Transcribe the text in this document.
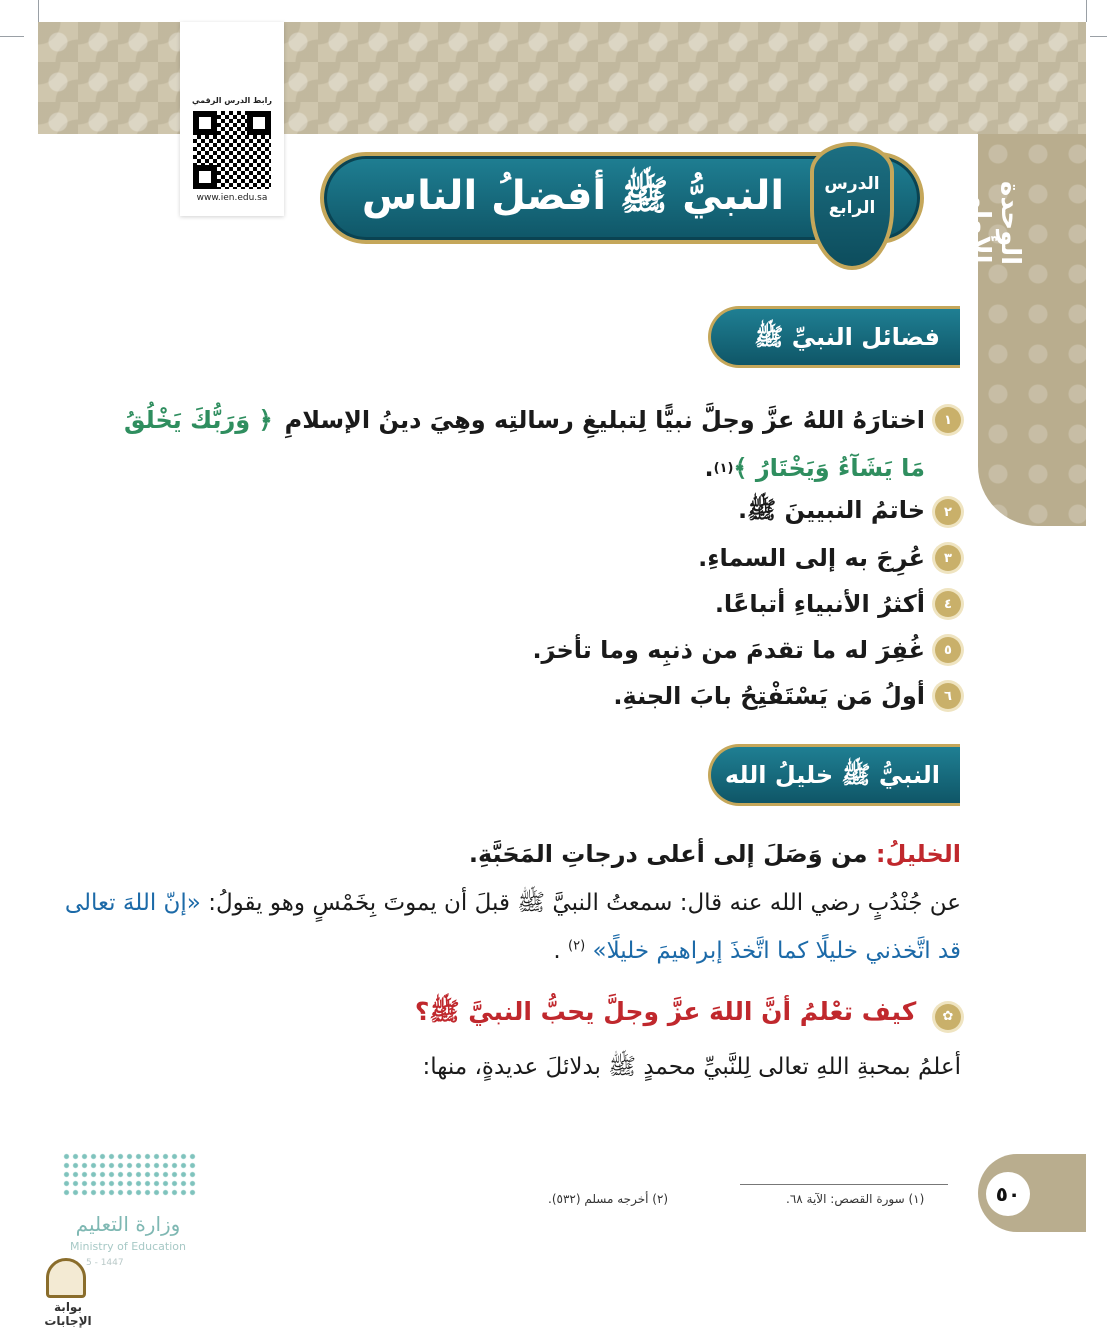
الوحدة الأولى
رابط الدرس الرقمي
www.ien.edu.sa	النبيُّ ﷺ أفضلُ الناس	الدرس
الرابع
فضائل النبيِّ ﷺ
١
اختارَهُ اللهُ عزَّ وجلَّ نبيًّا لِتبليغِ رسالتِه وهِيَ دينُ الإسلامِ
﴿ وَرَبُّكَ يَخْلُقُ
مَا يَشَآءُ وَيَخْتَارُ ﴾
(١)
.
٢
خاتمُ النبيينَ ﷺ.
٣
عُرِجَ به إلى السماءِ.
٤
أكثرُ الأنبياءِ أتباعًا.
٥
غُفِرَ له ما تقدمَ من ذنبِه وما تأخرَ.
٦
أولُ مَن يَسْتَفْتِحُ بابَ الجنةِ.
النبيُّ ﷺ خليلُ الله
الخليلُ: من وَصَلَ إلى أعلى درجاتِ المَحَبَّةِ.
عن جُنْدُبٍ رضي الله عنه قال: سمعتُ النبيَّ ﷺ قبلَ أن يموتَ بِخَمْسٍ وهو يقولُ: «إنّ اللهَ تعالى
قد اتَّخذني خليلًا كما اتَّخذَ إبراهيمَ خليلًا» $^{(٢)}$ .
✿ كيف تعْلمُ أنَّ اللهَ عزَّ وجلَّ يحبُّ النبيَّ ﷺ؟
أعلمُ بمحبةِ اللهِ تعالى لِلنَّبيِّ محمدٍ ﷺ بدلائلَ عديدةٍ، منها:
(١) سورة القصص: الآية ٦٨.
(٢) أخرجه مسلم (٥٣٢).	٥٠
وزارة التعليم
Ministry of Education
5 - 1447
بوابة الإجابات
